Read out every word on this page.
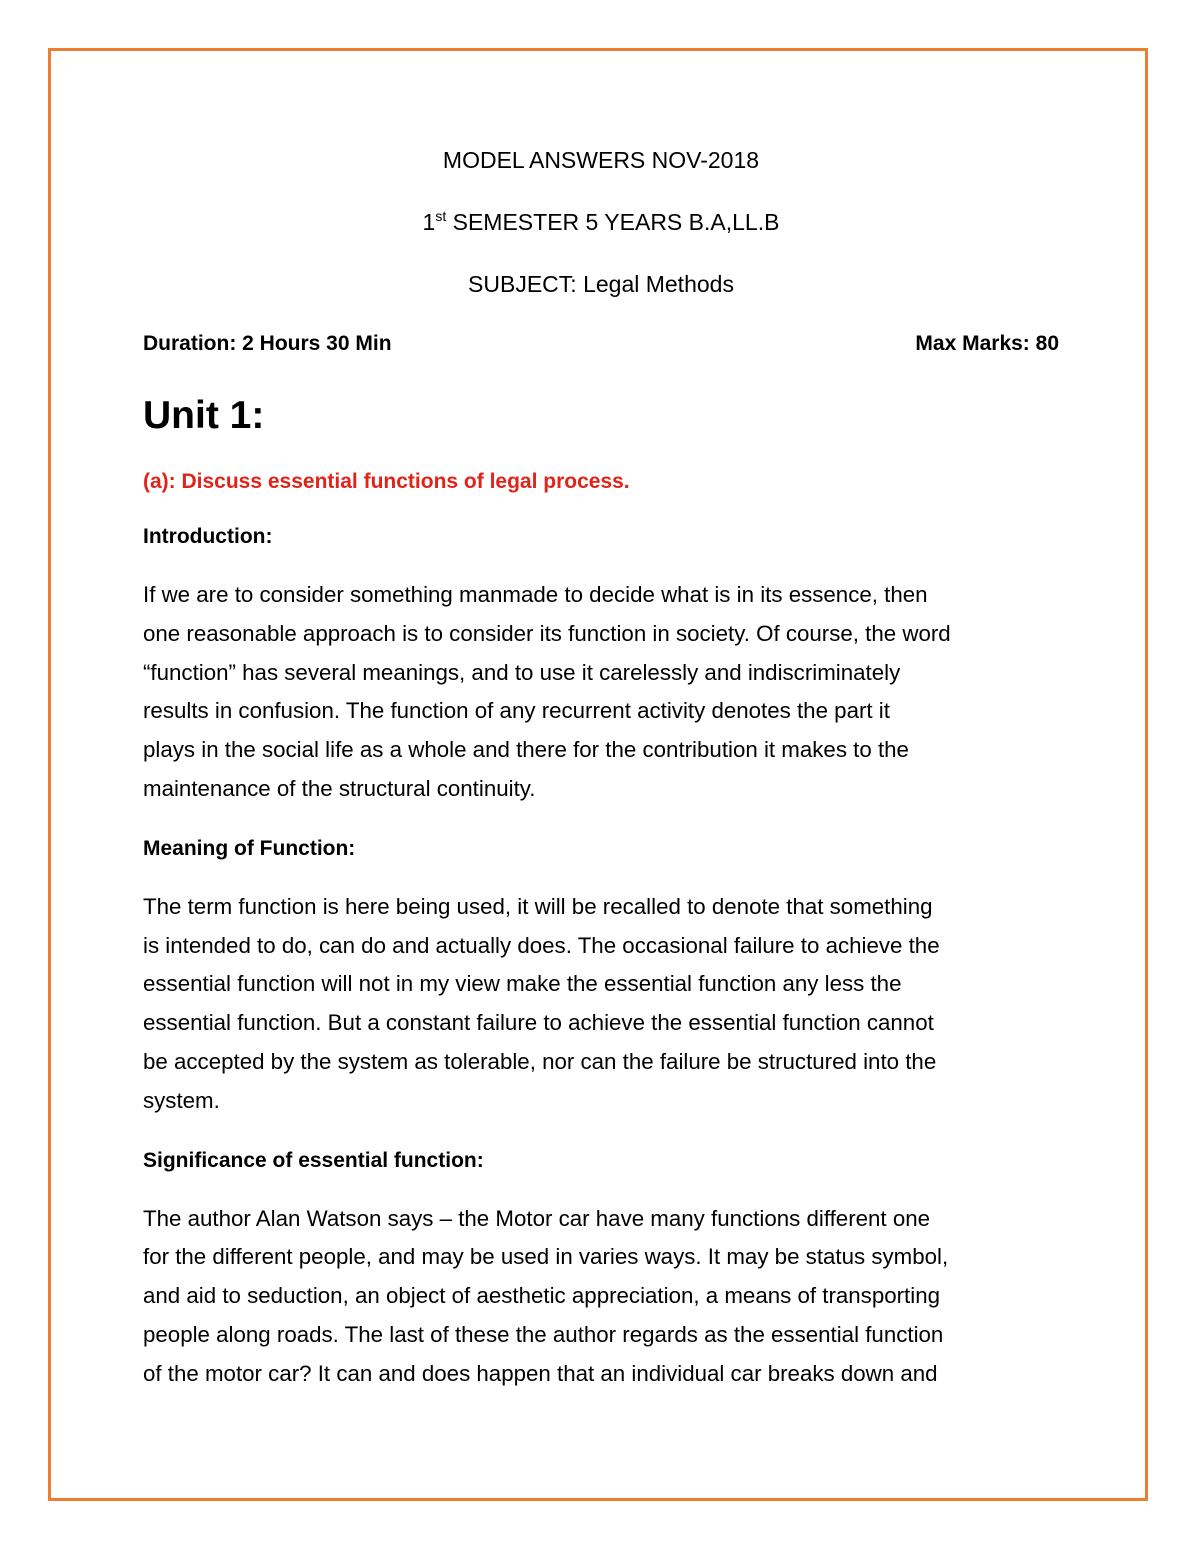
MODEL ANSWERS NOV-2018
1st SEMESTER 5 YEARS B.A,LL.B
SUBJECT: Legal Methods
Duration: 2 Hours 30 Min	Max Marks: 80
Unit 1:
(a): Discuss essential functions of legal process.
Introduction:
If we are to consider something manmade to decide what is in its essence, then
one reasonable approach is to consider its function in society. Of course, the word
“function” has several meanings, and to use it carelessly and indiscriminately
results in confusion. The function of any recurrent activity denotes the part it
plays in the social life as a whole and there for the contribution it makes to the
maintenance of the structural continuity.
Meaning of Function:
The term function is here being used, it will be recalled to denote that something
is intended to do, can do and actually does. The occasional failure to achieve the
essential function will not in my view make the essential function any less the
essential function. But a constant failure to achieve the essential function cannot
be accepted by the system as tolerable, nor can the failure be structured into the
system.
Significance of essential function:
The author Alan Watson says – the Motor car have many functions different one
for the different people, and may be used in varies ways. It may be status symbol,
and aid to seduction, an object of aesthetic appreciation, a means of transporting
people along roads. The last of these the author regards as the essential function
of the motor car? It can and does happen that an individual car breaks down and
